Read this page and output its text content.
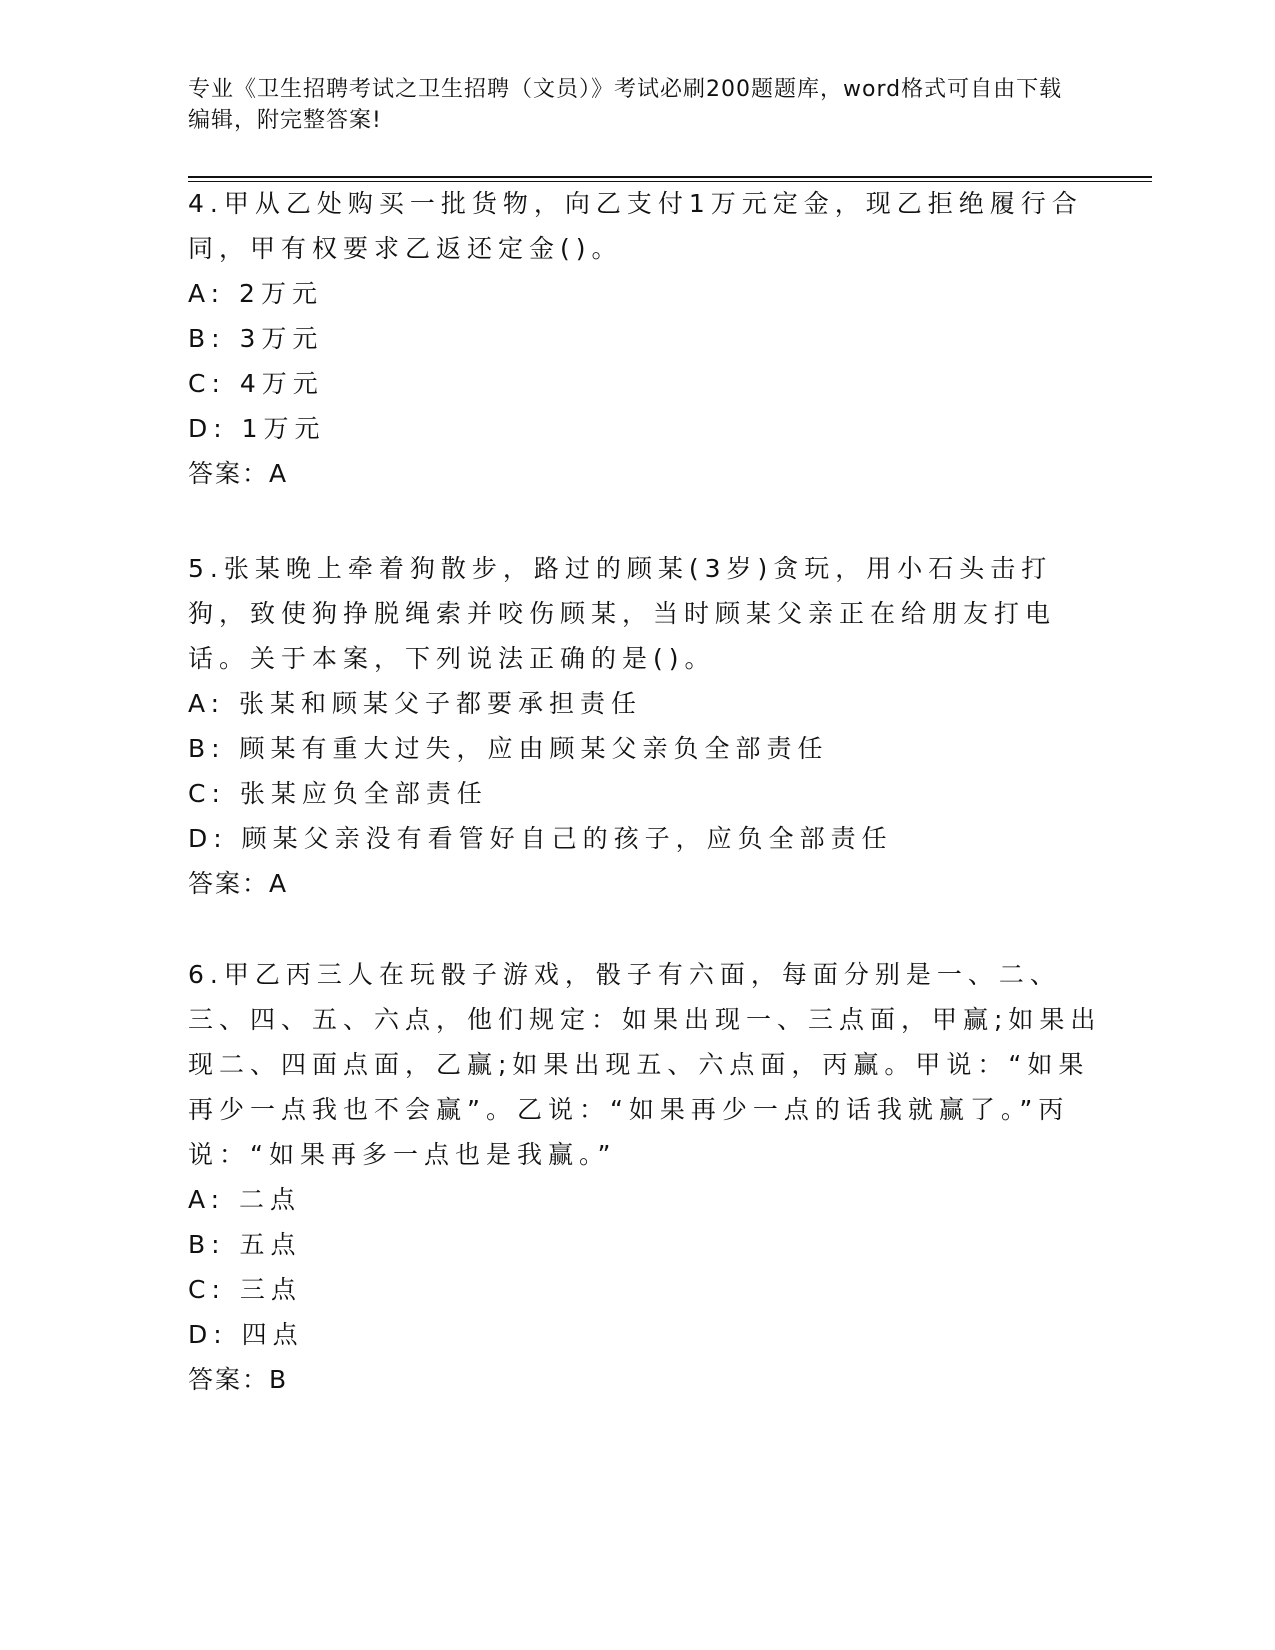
专业《卫生招聘考试之卫生招聘（文员）》考试必刷200题题库，word格式可自由下载编辑，附完整答案!

4.甲从乙处购买一批货物，向乙支付1万元定金，现乙拒绝履行合同，甲有权要求乙返还定金()。

A: 2万元

B: 3万元

C: 4万元

D: 1万元

答案：A

5.张某晚上牵着狗散步，路过的顾某(3岁)贪玩，用小石头击打狗，致使狗挣脱绳索并咬伤顾某，当时顾某父亲正在给朋友打电话。关于本案，下列说法正确的是()。

A: 张某和顾某父子都要承担责任

B: 顾某有重大过失，应由顾某父亲负全部责任

C: 张某应负全部责任

D: 顾某父亲没有看管好自己的孩子，应负全部责任

答案：A

6.甲乙丙三人在玩骰子游戏，骰子有六面，每面分别是一、二、三、四、五、六点，他们规定：如果出现一、三点面，甲赢;如果出现二、四面点面，乙赢;如果出现五、六点面，丙赢。甲说：“如果再少一点我也不会赢”。乙说：“如果再少一点的话我就赢了。”丙说：“如果再多一点也是我赢。”

A: 二点

B: 五点

C: 三点

D: 四点

答案：B
